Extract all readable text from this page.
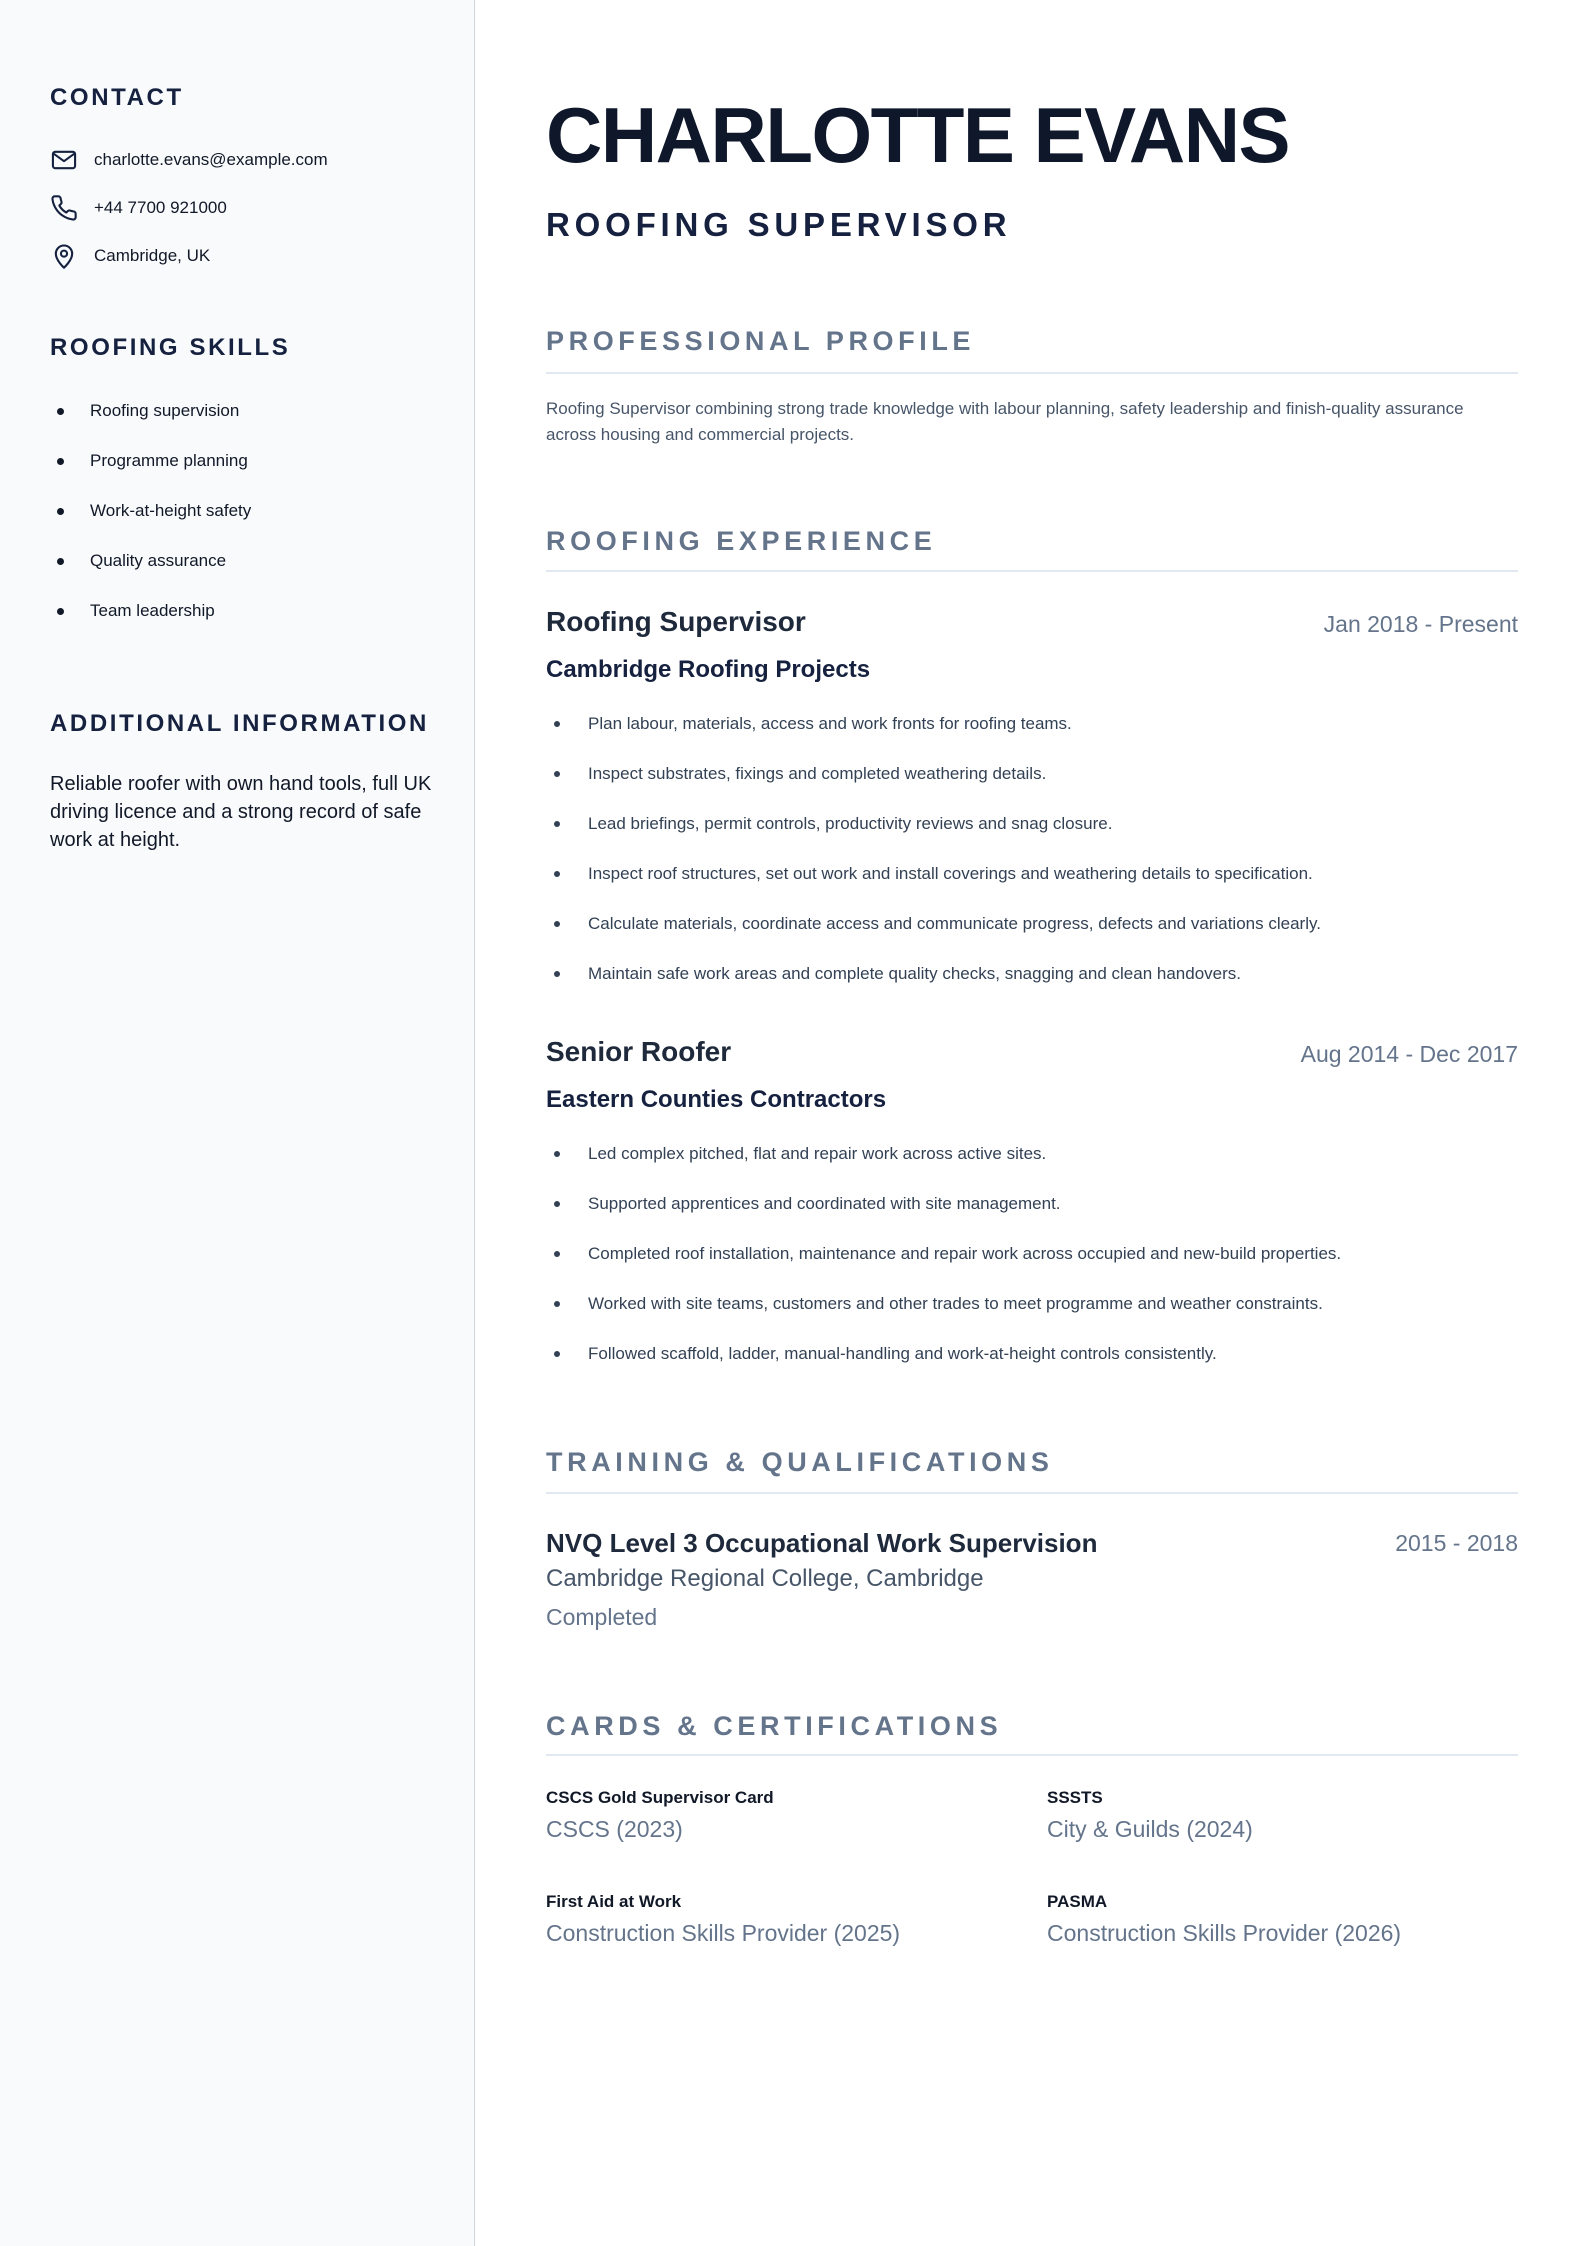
CONTACT
charlotte.evans@example.com
+44 7700 921000
Cambridge, UK
ROOFING SKILLS
Roofing supervision
Programme planning
Work-at-height safety
Quality assurance
Team leadership
ADDITIONAL INFORMATION
Reliable roofer with own hand tools, full UK driving licence and a strong record of safe work at height.
CHARLOTTE EVANS
ROOFING SUPERVISOR
PROFESSIONAL PROFILE
Roofing Supervisor combining strong trade knowledge with labour planning, safety leadership and finish-quality assurance across housing and commercial projects.
ROOFING EXPERIENCE
Roofing Supervisor	Jan 2018 - Present
Cambridge Roofing Projects
Plan labour, materials, access and work fronts for roofing teams.
Inspect substrates, fixings and completed weathering details.
Lead briefings, permit controls, productivity reviews and snag closure.
Inspect roof structures, set out work and install coverings and weathering details to specification.
Calculate materials, coordinate access and communicate progress, defects and variations clearly.
Maintain safe work areas and complete quality checks, snagging and clean handovers.
Senior Roofer	Aug 2014 - Dec 2017
Eastern Counties Contractors
Led complex pitched, flat and repair work across active sites.
Supported apprentices and coordinated with site management.
Completed roof installation, maintenance and repair work across occupied and new-build properties.
Worked with site teams, customers and other trades to meet programme and weather constraints.
Followed scaffold, ladder, manual-handling and work-at-height controls consistently.
TRAINING & QUALIFICATIONS
NVQ Level 3 Occupational Work Supervision	2015 - 2018
Cambridge Regional College, Cambridge
Completed
CARDS & CERTIFICATIONS
CSCS Gold Supervisor Card
CSCS (2023)
SSSTS
City & Guilds (2024)
First Aid at Work
Construction Skills Provider (2025)
PASMA
Construction Skills Provider (2026)
